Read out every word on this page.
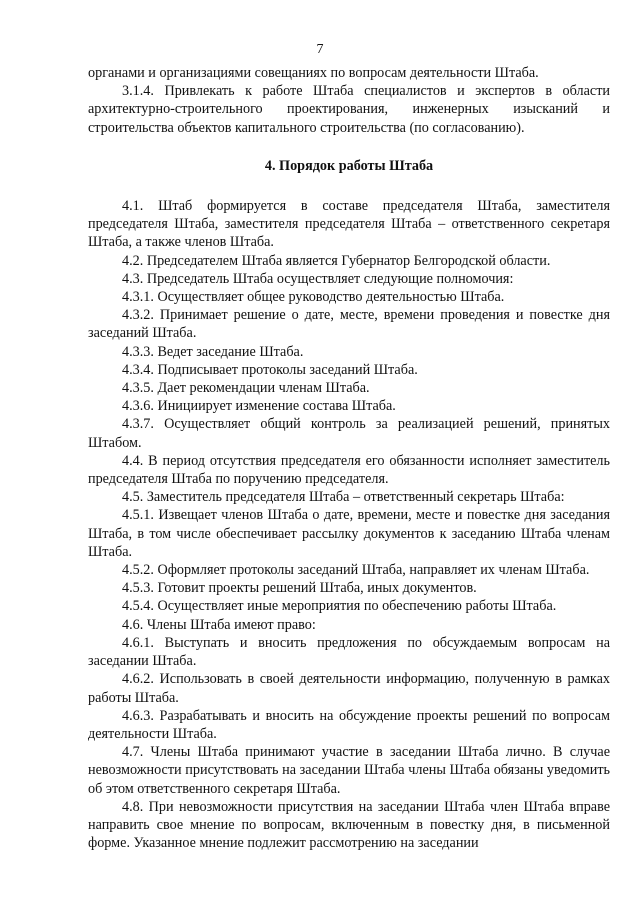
7

органами и организациями совещаниях по вопросам деятельности Штаба.

3.1.4. Привлекать к работе Штаба специалистов и экспертов в области архитектурно-строительного проектирования, инженерных изысканий и строительства объектов капитального строительства (по согласованию).

4. Порядок работы Штаба

4.1. Штаб формируется в составе председателя Штаба, заместителя председателя Штаба, заместителя председателя Штаба – ответственного секретаря Штаба, а также членов Штаба.

4.2. Председателем Штаба является Губернатор Белгородской области.

4.3. Председатель Штаба осуществляет следующие полномочия:

4.3.1. Осуществляет общее руководство деятельностью Штаба.

4.3.2. Принимает решение о дате, месте, времени проведения и повестке дня заседаний Штаба.

4.3.3. Ведет заседание Штаба.

4.3.4. Подписывает протоколы заседаний Штаба.

4.3.5. Дает рекомендации членам Штаба.

4.3.6. Инициирует изменение состава Штаба.

4.3.7. Осуществляет общий контроль за реализацией решений, принятых Штабом.

4.4. В период отсутствия председателя его обязанности исполняет заместитель председателя Штаба по поручению председателя.

4.5. Заместитель председателя Штаба – ответственный секретарь Штаба:

4.5.1. Извещает членов Штаба о дате, времени, месте и повестке дня заседания Штаба, в том числе обеспечивает рассылку документов к заседанию Штаба членам Штаба.

4.5.2. Оформляет протоколы заседаний Штаба, направляет их членам Штаба.

4.5.3. Готовит проекты решений Штаба, иных документов.

4.5.4. Осуществляет иные мероприятия по обеспечению работы Штаба.

4.6. Члены Штаба имеют право:

4.6.1. Выступать и вносить предложения по обсуждаемым вопросам на заседании Штаба.

4.6.2. Использовать в своей деятельности информацию, полученную в рамках работы Штаба.

4.6.3. Разрабатывать и вносить на обсуждение проекты решений по вопросам деятельности Штаба.

4.7. Члены Штаба принимают участие в заседании Штаба лично. В случае невозможности присутствовать на заседании Штаба члены Штаба обязаны уведомить об этом ответственного секретаря Штаба.

4.8. При невозможности присутствия на заседании Штаба член Штаба вправе направить свое мнение по вопросам, включенным в повестку дня, в письменной форме. Указанное мнение подлежит рассмотрению на заседании
